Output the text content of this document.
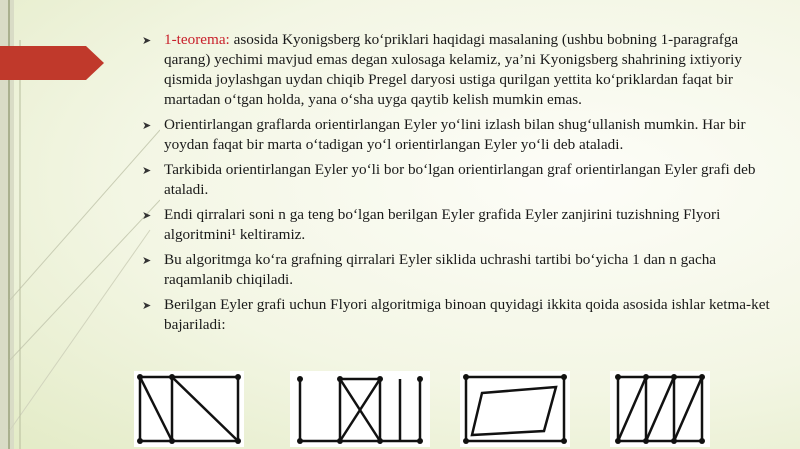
➤ 1-teorema: asosida Kyonigsberg ko‘priklari haqidagi masalaning (ushbu bobning 1-paragrafga qarang) yechimi mavjud emas degan xulosaga kelamiz, ya’ni Kyonigsberg shahrining ixtiyoriy qismida joylashgan uydan chiqib Pregel daryosi ustiga qurilgan yettita ko‘priklardan faqat bir martadan o‘tgan holda, yana o‘sha uyga qaytib kelish mumkin emas.
➤ Orientirlangan graflarda orientirlangan Eyler yo‘lini izlash bilan shug‘ullanish mumkin. Har bir yoydan faqat bir marta o‘tadigan yo‘l orientirlangan Eyler yo‘li deb ataladi.
➤ Tarkibida orientirlangan Eyler yo‘li bor bo‘lgan orientirlangan graf orientirlangan Eyler grafi deb ataladi.
➤ Endi qirralari soni n ga teng bo‘lgan berilgan Eyler grafida Eyler zanjirini tuzishning Flyori algoritmini¹ keltiramiz.
➤ Bu algoritmga ko‘ra grafning qirralari Eyler siklida uchrashi tartibi bo‘yicha 1 dan n gacha raqamlanib chiqiladi.
➤ Berilgan Eyler grafi uchun Flyori algoritmiga binoan quyidagi ikkita qoida asosida ishlar ketma-ket bajariladi:
